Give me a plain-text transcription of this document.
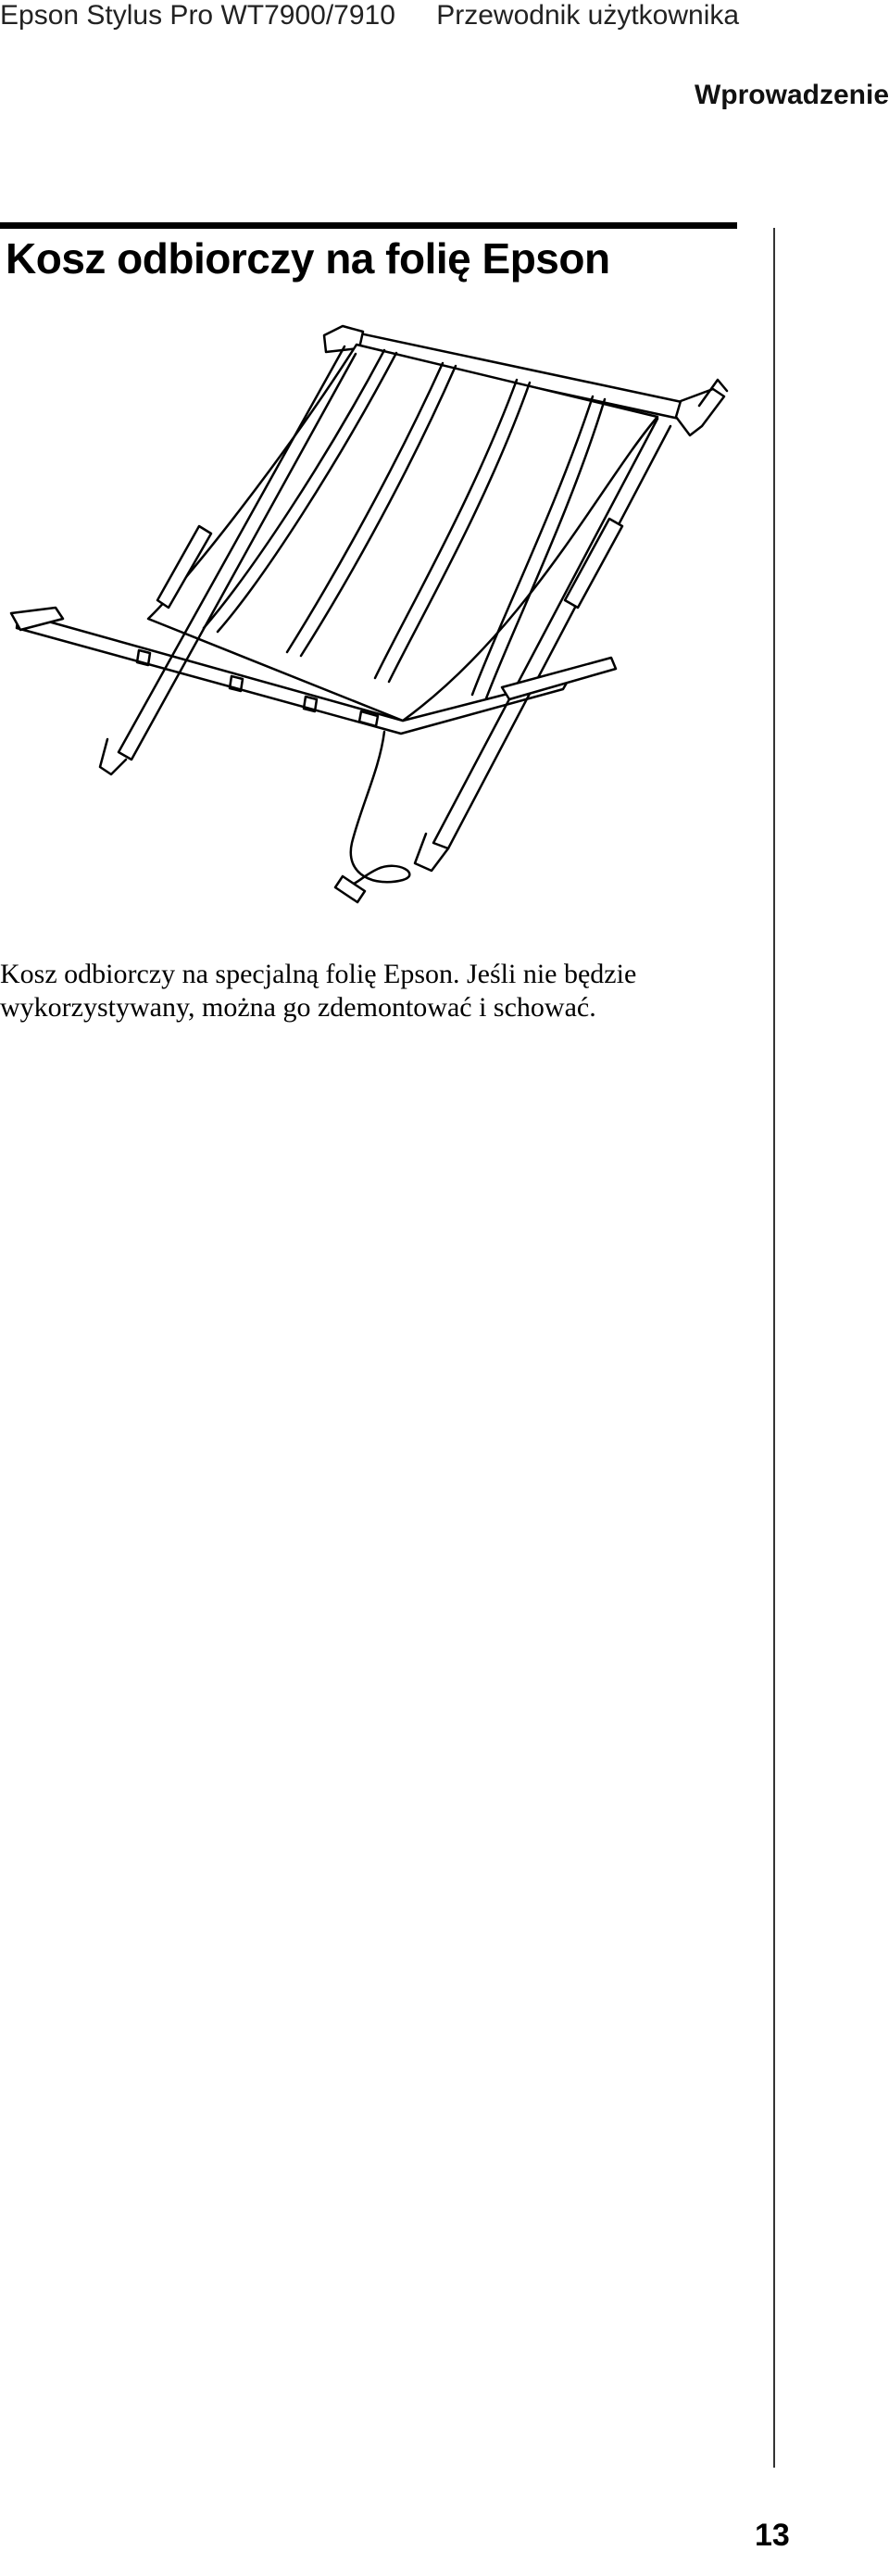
Epson Stylus Pro WT7900/7910 Przewodnik użytkownika
Wprowadzenie
Kosz odbiorczy na folię Epson

Kosz odbiorczy na specjalną folię Epson. Jeśli nie będzie wykorzystywany, można go zdemontować i schować.

13
